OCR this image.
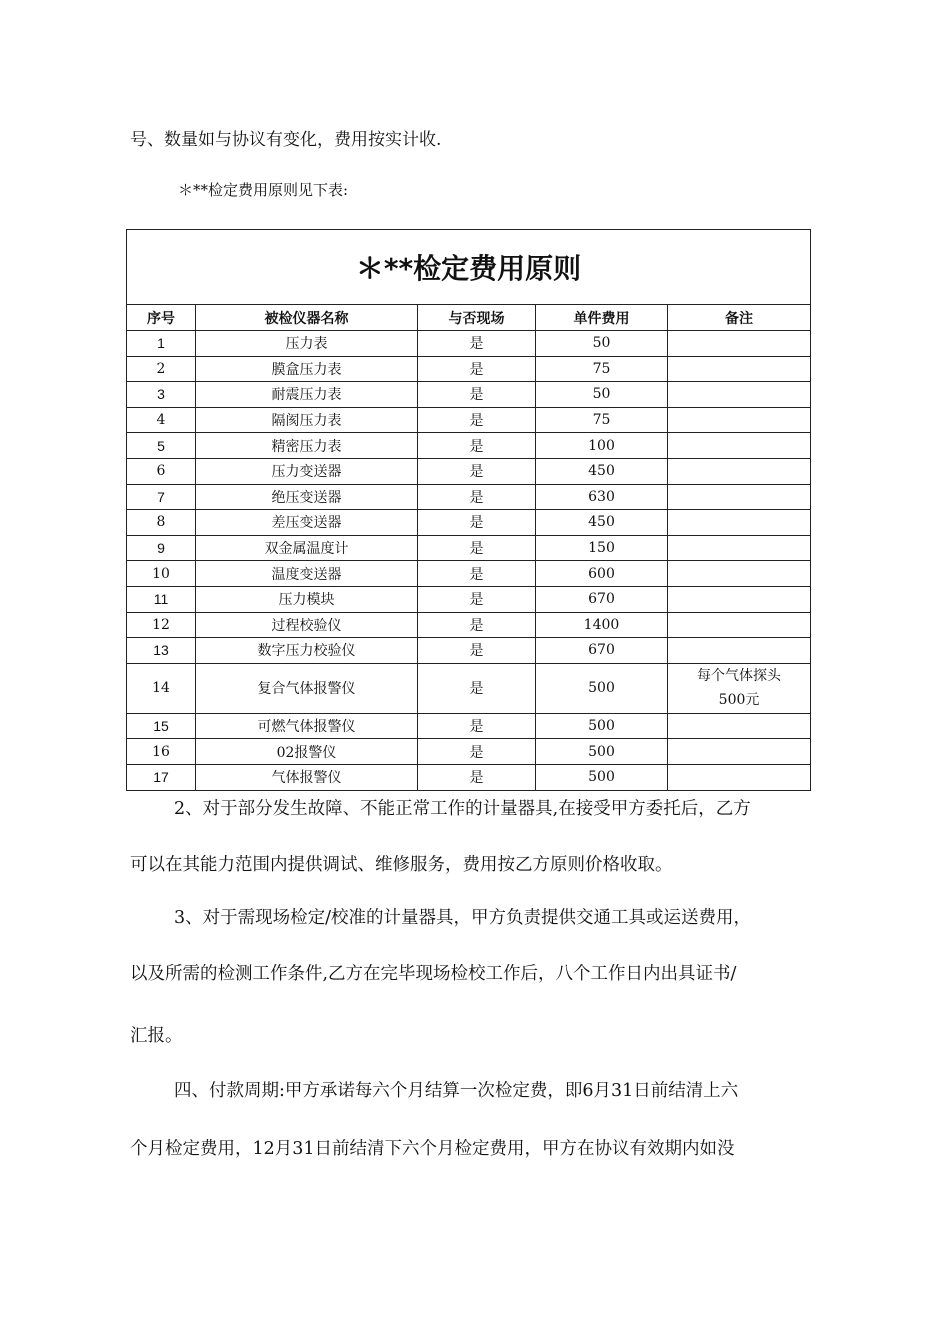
号、数量如与协议有变化，费用按实计收.

＊**检定费用原则见下表:

＊**检定费用原则				
序号	被检仪器名称	与否现场	单件费用	备注
1	压力表	是	50	
2	膜盒压力表	是	75	
3	耐震压力表	是	50	
4	隔阂压力表	是	75	
5	精密压力表	是	100	
6	压力变送器	是	450	
7	绝压变送器	是	630	
8	差压变送器	是	450	
9	双金属温度计	是	150	
10	温度变送器	是	600	
11	压力模块	是	670	
12	过程校验仪	是	1400	
13	数字压力校验仪	是	670	
14	复合气体报警仪	是	500	每个气体探头
500元

15	可燃气体报警仪	是	500	
16	02报警仪	是	500	
17	气体报警仪	是	500	

2、对于部分发生故障、不能正常工作的计量器具,在接受甲方委托后，乙方

可以在其能力范围内提供调试、维修服务，费用按乙方原则价格收取。

3、对于需现场检定/校准的计量器具，甲方负责提供交通工具或运送费用，

以及所需的检测工作条件,乙方在完毕现场检校工作后，八个工作日内出具证书/

汇报。

四、付款周期:甲方承诺每六个月结算一次检定费，即6月31日前结清上六

个月检定费用，12月31日前结清下六个月检定费用，甲方在协议有效期内如没
